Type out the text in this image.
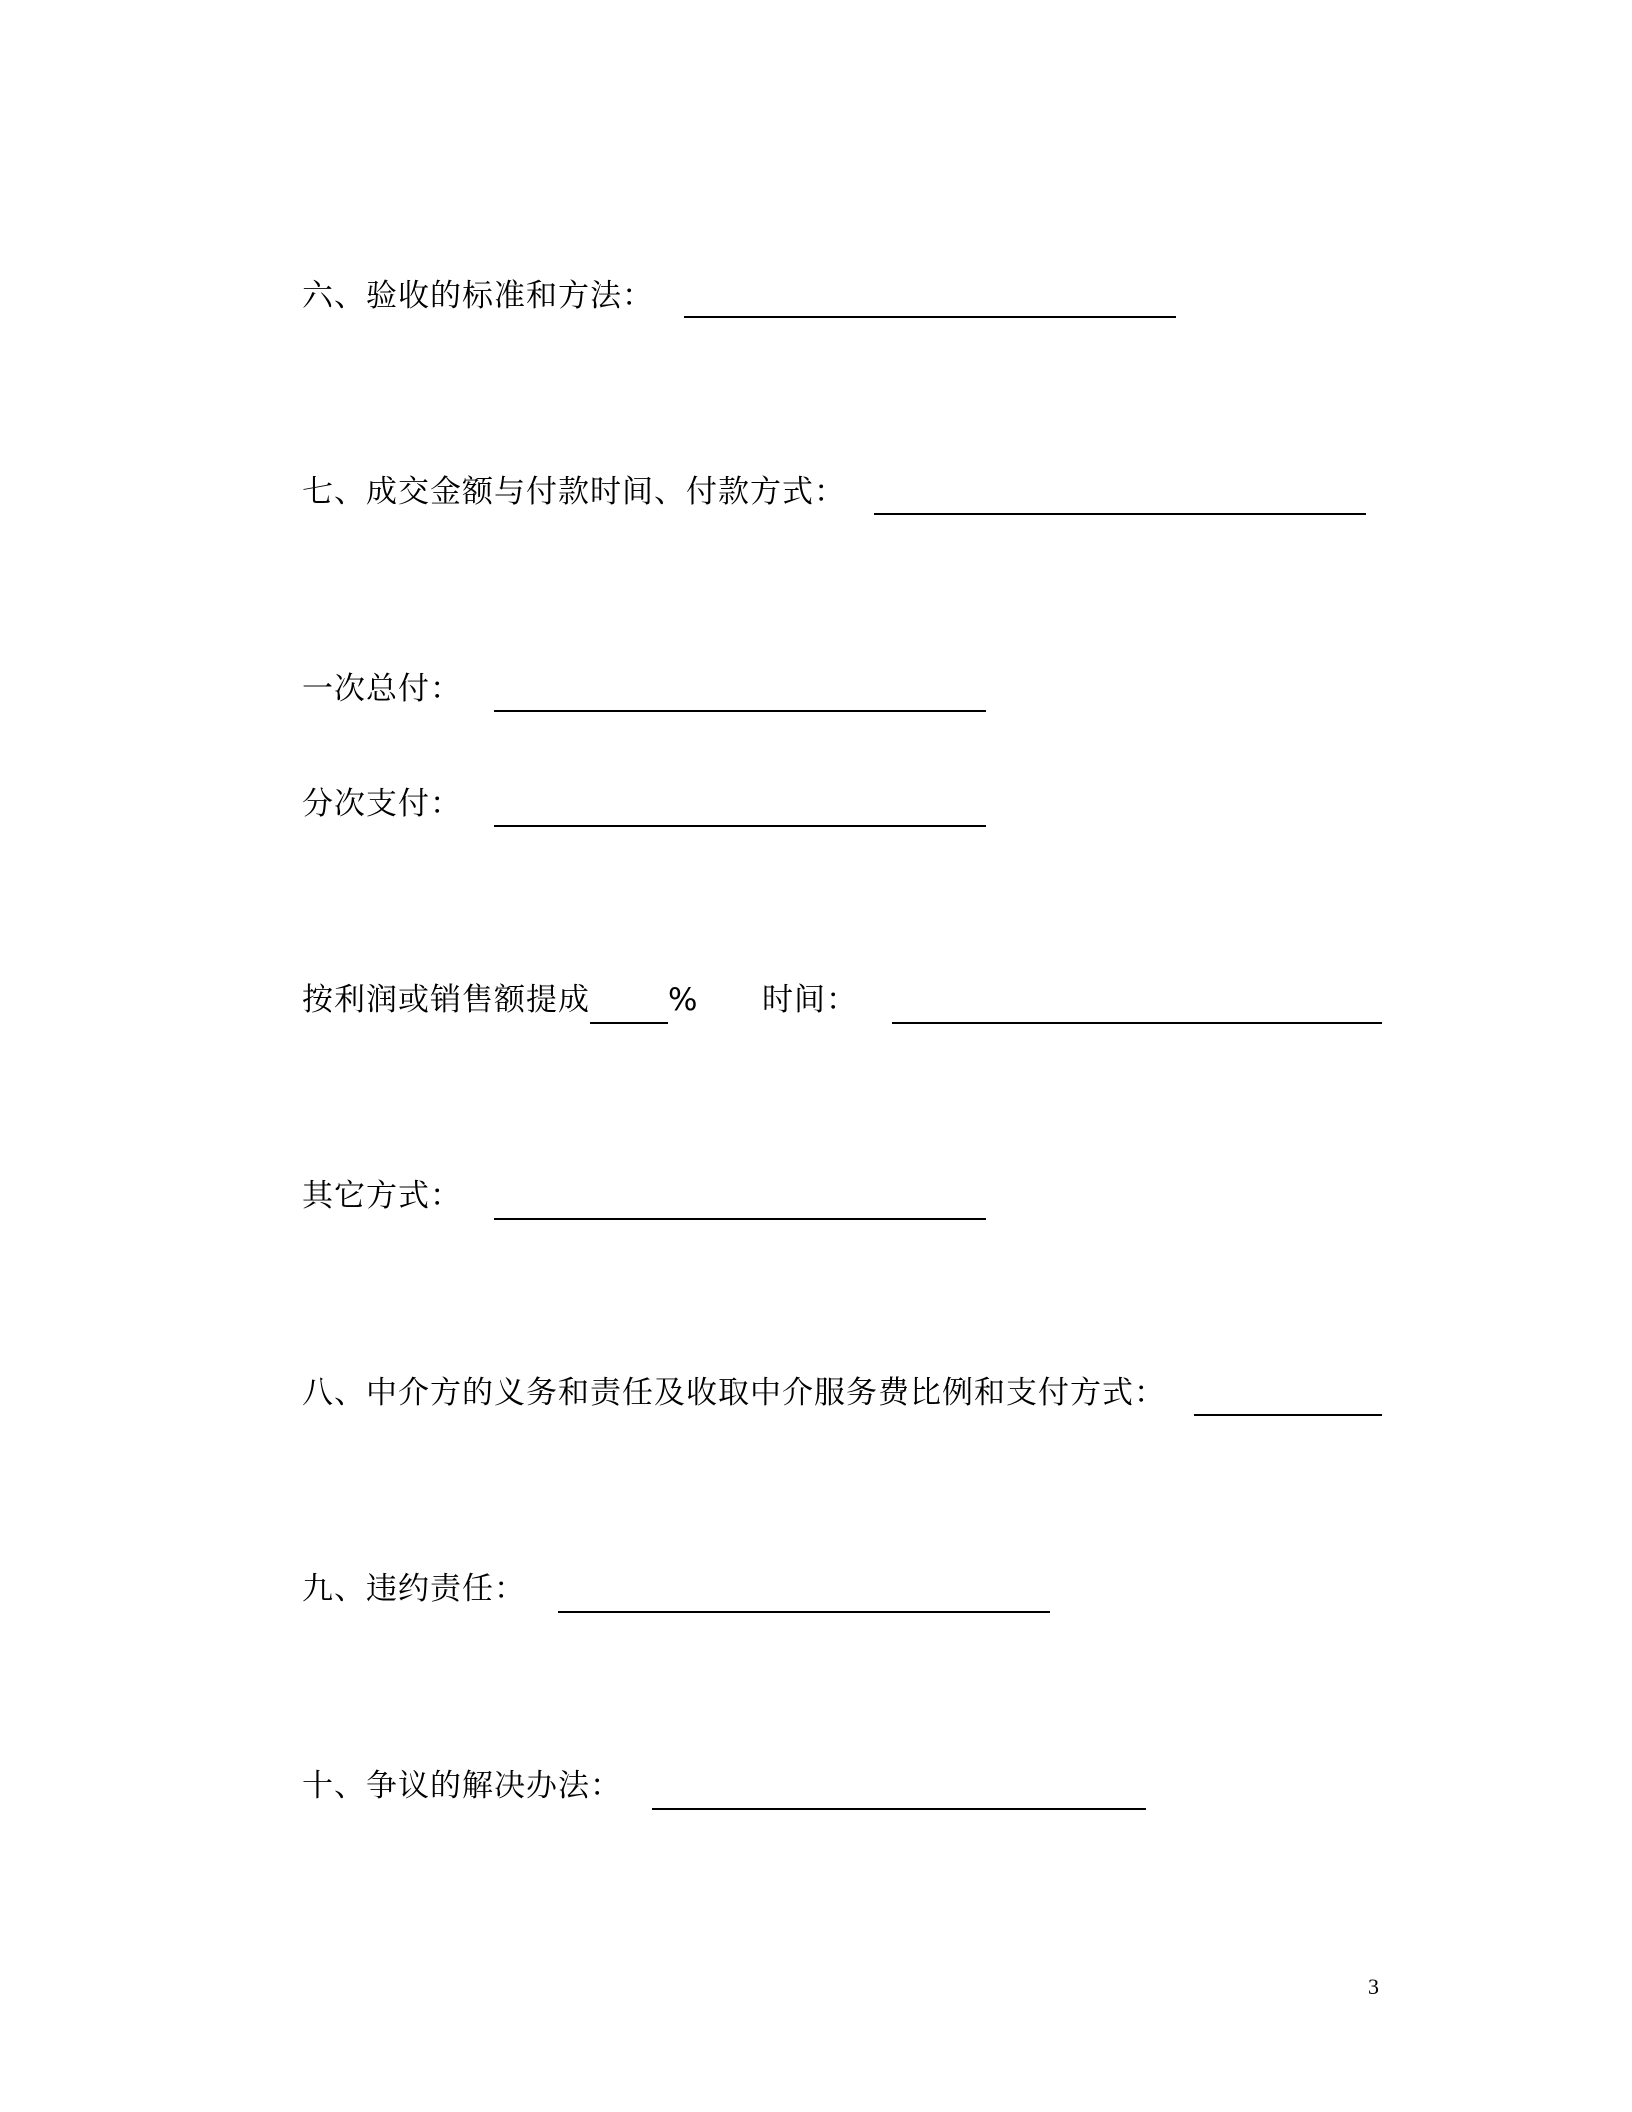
六、验收的标准和方法：
七、成交金额与付款时间、付款方式：
一次总付：
分次支付：
按利润或销售额提成	% 时间：
其它方式：
八、中介方的义务和责任及收取中介服务费比例和支付方式：
九、违约责任：
十、争议的解决办法：
3
